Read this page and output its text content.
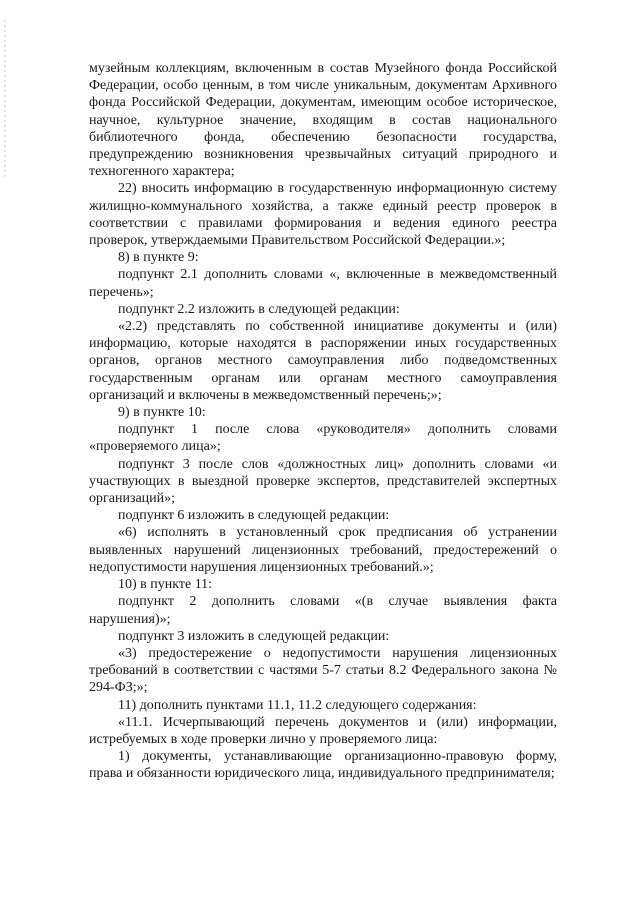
музейным коллекциям, включенным в состав Музейного фонда Российской Федерации, особо ценным, в том числе уникальным, документам Архивного фонда Российской Федерации, документам, имеющим особое историческое, научное, культурное значение, входящим в состав национального библиотечного фонда, обеспечению безопасности государства, предупреждению возникновения чрезвычайных ситуаций природного и техногенного характера;

22) вносить информацию в государственную информационную систему жилищно-коммунального хозяйства, а также единый реестр проверок в соответствии с правилами формирования и ведения единого реестра проверок, утверждаемыми Правительством Российской Федерации.»;

8) в пункте 9:

подпункт 2.1 дополнить словами «, включенные в межведомственный перечень»;

подпункт 2.2 изложить в следующей редакции:

«2.2) представлять по собственной инициативе документы и (или) информацию, которые находятся в распоряжении иных государственных органов, органов местного самоуправления либо подведомственных государственным органам или органам местного самоуправления организаций и включены в межведомственный перечень;»;

9) в пункте 10:

подпункт 1 после слова «руководителя» дополнить словами «проверяемого лица»;

подпункт 3 после слов «должностных лиц» дополнить словами «и участвующих в выездной проверке экспертов, представителей экспертных организаций»;

подпункт 6 изложить в следующей редакции:

«6) исполнять в установленный срок предписания об устранении выявленных нарушений лицензионных требований, предостережений о недопустимости нарушения лицензионных требований.»;

10) в пункте 11:

подпункт 2 дополнить словами «(в случае выявления факта нарушения)»;

подпункт 3 изложить в следующей редакции:

«3) предостережение о недопустимости нарушения лицензионных требований в соответствии с частями 5-7 статьи 8.2 Федерального закона № 294-ФЗ;»;

11) дополнить пунктами 11.1, 11.2 следующего содержания:

«11.1. Исчерпывающий перечень документов и (или) информации, истребуемых в ходе проверки лично у проверяемого лица:

1) документы, устанавливающие организационно-правовую форму, права и обязанности юридического лица, индивидуального предпринимателя;
